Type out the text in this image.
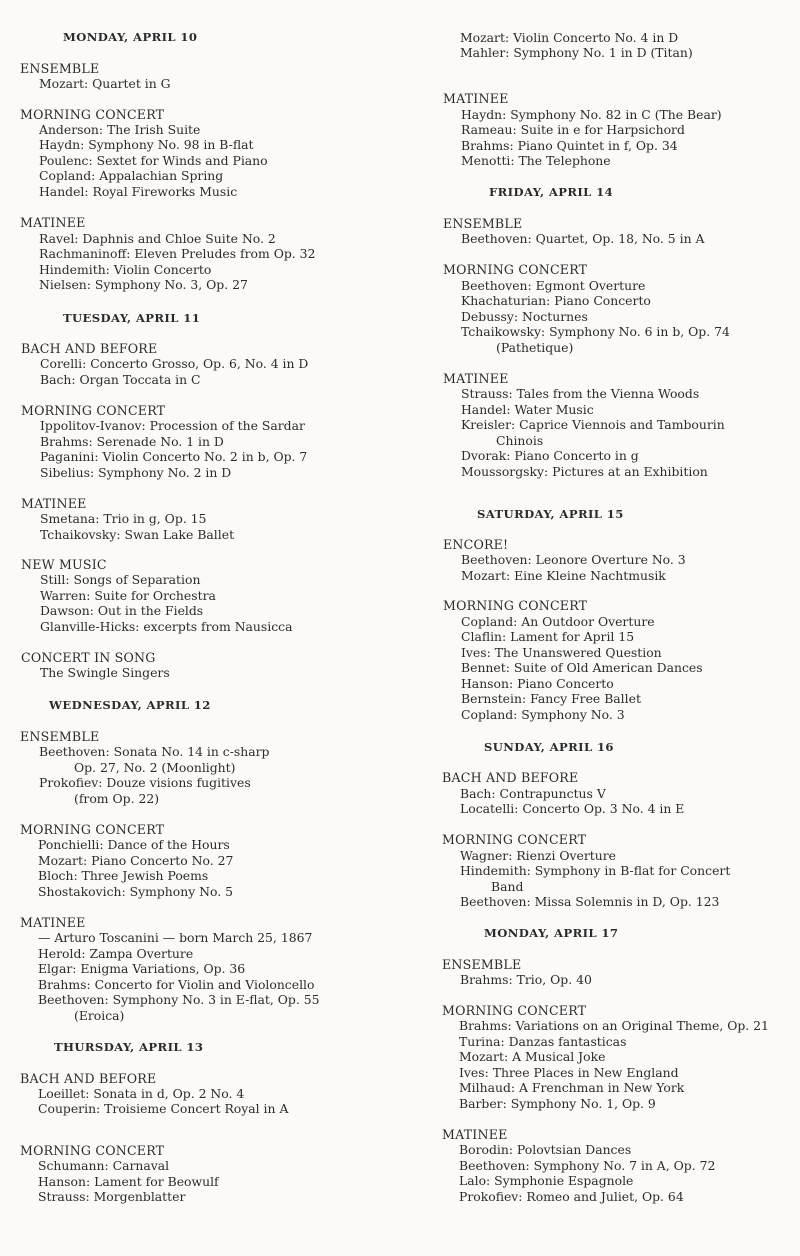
MONDAY, APRIL 10
ENSEMBLE
Mozart: Quartet in G
MORNING CONCERT
Anderson: The Irish Suite
Haydn: Symphony No. 98 in B-flat
Poulenc: Sextet for Winds and Piano
Copland: Appalachian Spring
Handel: Royal Fireworks Music
MATINEE
Ravel: Daphnis and Chloe Suite No. 2
Rachmaninoff: Eleven Preludes from Op. 32
Hindemith: Violin Concerto
Nielsen: Symphony No. 3, Op. 27
TUESDAY, APRIL 11
BACH AND BEFORE
Corelli: Concerto Grosso, Op. 6, No. 4 in D
Bach: Organ Toccata in C
MORNING CONCERT
Ippolitov-Ivanov: Procession of the Sardar
Brahms: Serenade No. 1 in D
Paganini: Violin Concerto No. 2 in b, Op. 7
Sibelius: Symphony No. 2 in D
MATINEE
Smetana: Trio in g, Op. 15
Tchaikovsky: Swan Lake Ballet
NEW MUSIC
Still: Songs of Separation
Warren: Suite for Orchestra
Dawson: Out in the Fields
Glanville-Hicks: excerpts from Nausicca
CONCERT IN SONG
The Swingle Singers
WEDNESDAY, APRIL 12
ENSEMBLE
Beethoven: Sonata No. 14 in c-sharp
Op. 27, No. 2 (Moonlight)
Prokofiev: Douze visions fugitives
(from Op. 22)
MORNING CONCERT
Ponchielli: Dance of the Hours
Mozart: Piano Concerto No. 27
Bloch: Three Jewish Poems
Shostakovich: Symphony No. 5
MATINEE
— Arturo Toscanini — born March 25, 1867
Herold: Zampa Overture
Elgar: Enigma Variations, Op. 36
Brahms: Concerto for Violin and Violoncello
Beethoven: Symphony No. 3 in E-flat, Op. 55
(Eroica)
THURSDAY, APRIL 13
BACH AND BEFORE
Loeillet: Sonata in d, Op. 2 No. 4
Couperin: Troisieme Concert Royal in A
MORNING CONCERT
Schumann: Carnaval
Hanson: Lament for Beowulf
Strauss: Morgenblatter
Mozart: Violin Concerto No. 4 in D
Mahler: Symphony No. 1 in D (Titan)
MATINEE
Haydn: Symphony No. 82 in C (The Bear)
Rameau: Suite in e for Harpsichord
Brahms: Piano Quintet in f, Op. 34
Menotti: The Telephone
FRIDAY, APRIL 14
ENSEMBLE
Beethoven: Quartet, Op. 18, No. 5 in A
MORNING CONCERT
Beethoven: Egmont Overture
Khachaturian: Piano Concerto
Debussy: Nocturnes
Tchaikowsky: Symphony No. 6 in b, Op. 74
(Pathetique)
MATINEE
Strauss: Tales from the Vienna Woods
Handel: Water Music
Kreisler: Caprice Viennois and Tambourin
Chinois
Dvorak: Piano Concerto in g
Moussorgsky: Pictures at an Exhibition
SATURDAY, APRIL 15
ENCORE!
Beethoven: Leonore Overture No. 3
Mozart: Eine Kleine Nachtmusik
MORNING CONCERT
Copland: An Outdoor Overture
Claflin: Lament for April 15
Ives: The Unanswered Question
Bennet: Suite of Old American Dances
Hanson: Piano Concerto
Bernstein: Fancy Free Ballet
Copland: Symphony No. 3
SUNDAY, APRIL 16
BACH AND BEFORE
Bach: Contrapunctus V
Locatelli: Concerto Op. 3 No. 4 in E
MORNING CONCERT
Wagner: Rienzi Overture
Hindemith: Symphony in B-flat for Concert
Band
Beethoven: Missa Solemnis in D, Op. 123
MONDAY, APRIL 17
ENSEMBLE
Brahms: Trio, Op. 40
MORNING CONCERT
Brahms: Variations on an Original Theme, Op. 21
Turina: Danzas fantasticas
Mozart: A Musical Joke
Ives: Three Places in New England
Milhaud: A Frenchman in New York
Barber: Symphony No. 1, Op. 9
MATINEE
Borodin: Polovtsian Dances
Beethoven: Symphony No. 7 in A, Op. 72
Lalo: Symphonie Espagnole
Prokofiev: Romeo and Juliet, Op. 64
